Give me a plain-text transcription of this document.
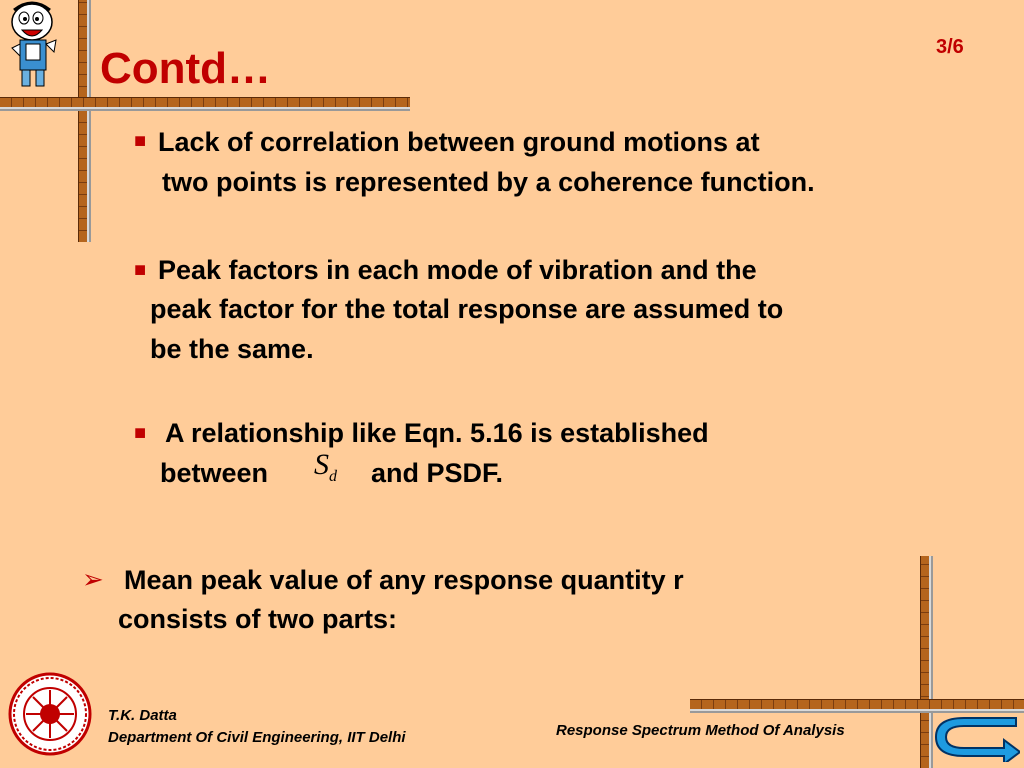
Contd…	3/6
■ Lack of correlation between ground motions at
two points is represented by a coherence function.
■ Peak factors in each mode of vibration and the
peak factor for the total response are assumed to
be the same.
■ A relationship like Eqn. 5.16 is established
between $S_d$ and PSDF.
➢ Mean peak value of any response quantity r
consists of two parts:
T.K. Datta
Department Of Civil Engineering, IIT Delhi	Response Spectrum Method Of Analysis
